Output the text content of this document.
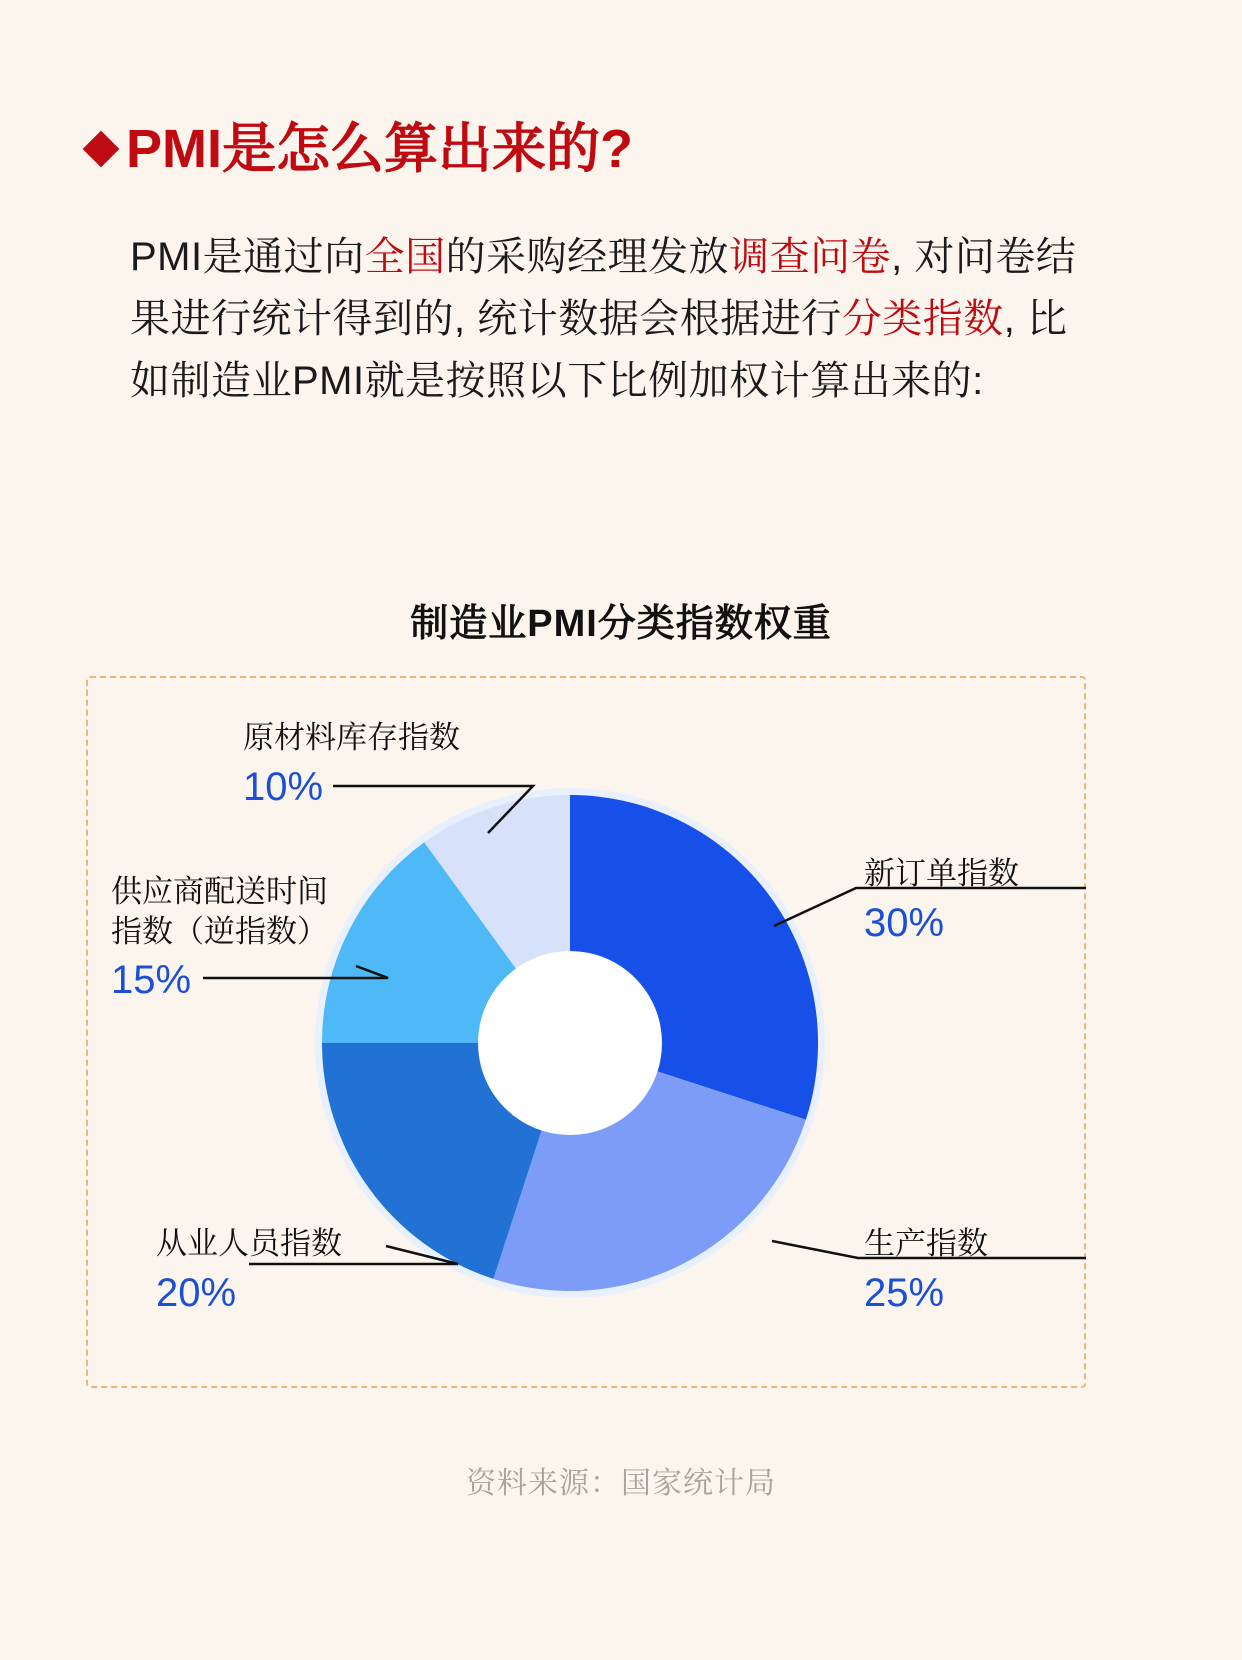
PMI是怎么算出来的?
PMI是通过向全国的采购经理发放调查问卷, 对问卷结果进行统计得到的, 统计数据会根据进行分类指数, 比如制造业PMI就是按照以下比例加权计算出来的:
制造业PMI分类指数权重
新订单指数
30%
生产指数
25%
从业人员指数
20%
供应商配送时间
指数（逆指数）
15%
原材料库存指数
10%
资料来源：国家统计局
